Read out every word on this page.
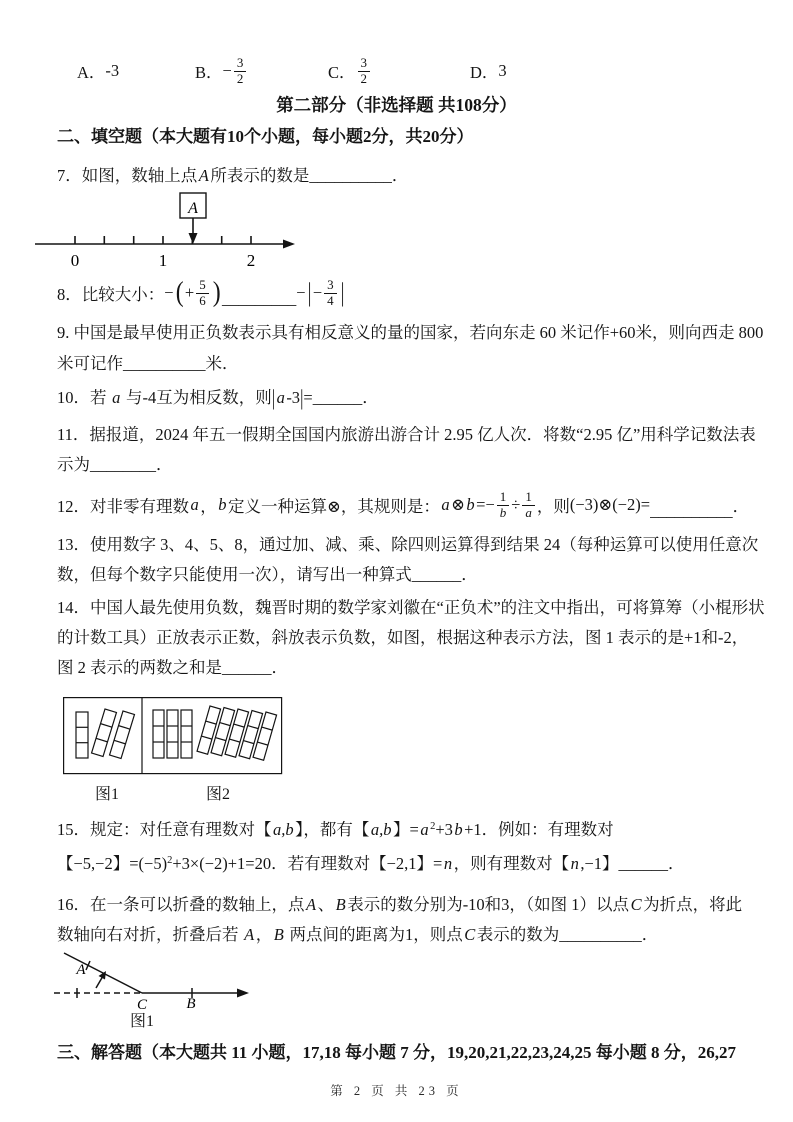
A． -3	B． − $\frac{3}{2}$	C． $\frac{3}{2}$	D． 3
第二部分（非选择题 共108分）
二、填空题（本大题有10个小题，每小题2分，共20分）
7．如图，数轴上点A所表示的数是__________．
A
0	1	2
8．比较大小： − ( + $\frac{5}{6}$ ) _________ − | − $\frac{3}{4}$ |
9. 中国是最早使用正负数表示具有相反意义的量的国家，若向东走 60 米记作+60米，则向西走 800
米可记作__________米．
10．若 a 与-4互为相反数，则|a-3|=______．
11．据报道，2024 年五一假期全国国内旅游出游合计 2.95 亿人次．将数“2.95 亿”用科学记数法表
示为________．
12．对非零有理数 a ， b 定义一种运算⊗，其规则是： a ⊗ b = − $\frac{1}{b} \div \frac{1}{a}$ ，则 (−3)⊗(−2)= __________ ．
13．使用数字 3、4、5、8，通过加、减、乘、除四则运算得到结果 24（每种运算可以使用任意次
数，但每个数字只能使用一次），请写出一种算式______．
14．中国人最先使用负数，魏晋时期的数学家刘徽在“正负术”的注文中指出，可将算筹（小棍形状
的计数工具）正放表示正数，斜放表示负数，如图，根据这种表示方法，图 1 表示的是+1和-2，
图 2 表示的两数之和是______．
图1	图2
15．规定：对任意有理数对【a,b】，都有【a,b】=a $^2$+3b+1．例如：有理数对
【−5,−2】$=(-5)^2+3\times(-2)+1=20$．若有理数对【−2,1】=n，则有理数对【n,−1】______．
16．在一条可以折叠的数轴上，点A、B表示的数分别为-10和3，（如图 1）以点C为折点，将此
数轴向右对折，折叠后若 A，B 两点间的距离为1，则点C表示的数为__________．
A
C	B
图1
三、解答题（本大题共 11 小题，17,18 每小题 7 分，19,20,21,22,23,24,25 每小题 8 分，26,27
第 2 页 共 23 页
